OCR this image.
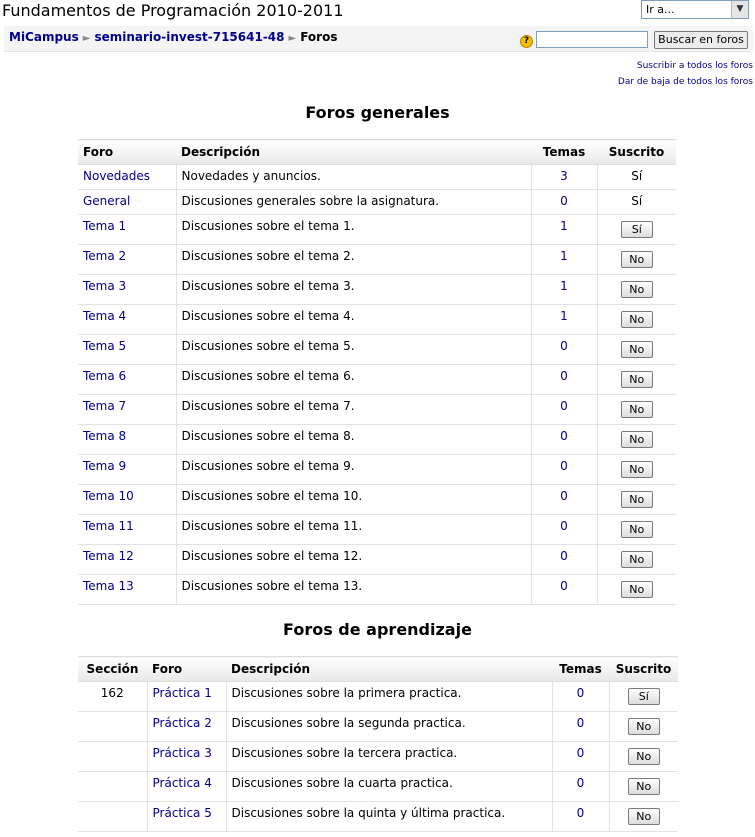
Fundamentos de Programación 2010-2011	Ir a...	▼
MiCampus ► seminario-invest-715641-48 ► Foros	?	Buscar en foros
Suscribir a todos los foros
Dar de baja de todos los foros
Foros generales
Foro	Descripción	Temas	Suscrito
Novedades	Novedades y anuncios.	3	Sí
General	Discusiones generales sobre la asignatura.	0	Sí
Tema 1	Discusiones sobre el tema 1.	1	Sí
Tema 2	Discusiones sobre el tema 2.	1	No
Tema 3	Discusiones sobre el tema 3.	1	No
Tema 4	Discusiones sobre el tema 4.	1	No
Tema 5	Discusiones sobre el tema 5.	0	No
Tema 6	Discusiones sobre el tema 6.	0	No
Tema 7	Discusiones sobre el tema 7.	0	No
Tema 8	Discusiones sobre el tema 8.	0	No
Tema 9	Discusiones sobre el tema 9.	0	No
Tema 10	Discusiones sobre el tema 10.	0	No
Tema 11	Discusiones sobre el tema 11.	0	No
Tema 12	Discusiones sobre el tema 12.	0	No
Tema 13	Discusiones sobre el tema 13.	0	No
Foros de aprendizaje
Sección	Foro	Descripción	Temas	Suscrito
162	Práctica 1	Discusiones sobre la primera practica.	0	Sí
	Práctica 2	Discusiones sobre la segunda practica.	0	No
	Práctica 3	Discusiones sobre la tercera practica.	0	No
	Práctica 4	Discusiones sobre la cuarta practica.	0	No
	Práctica 5	Discusiones sobre la quinta y última practica.	0	No
